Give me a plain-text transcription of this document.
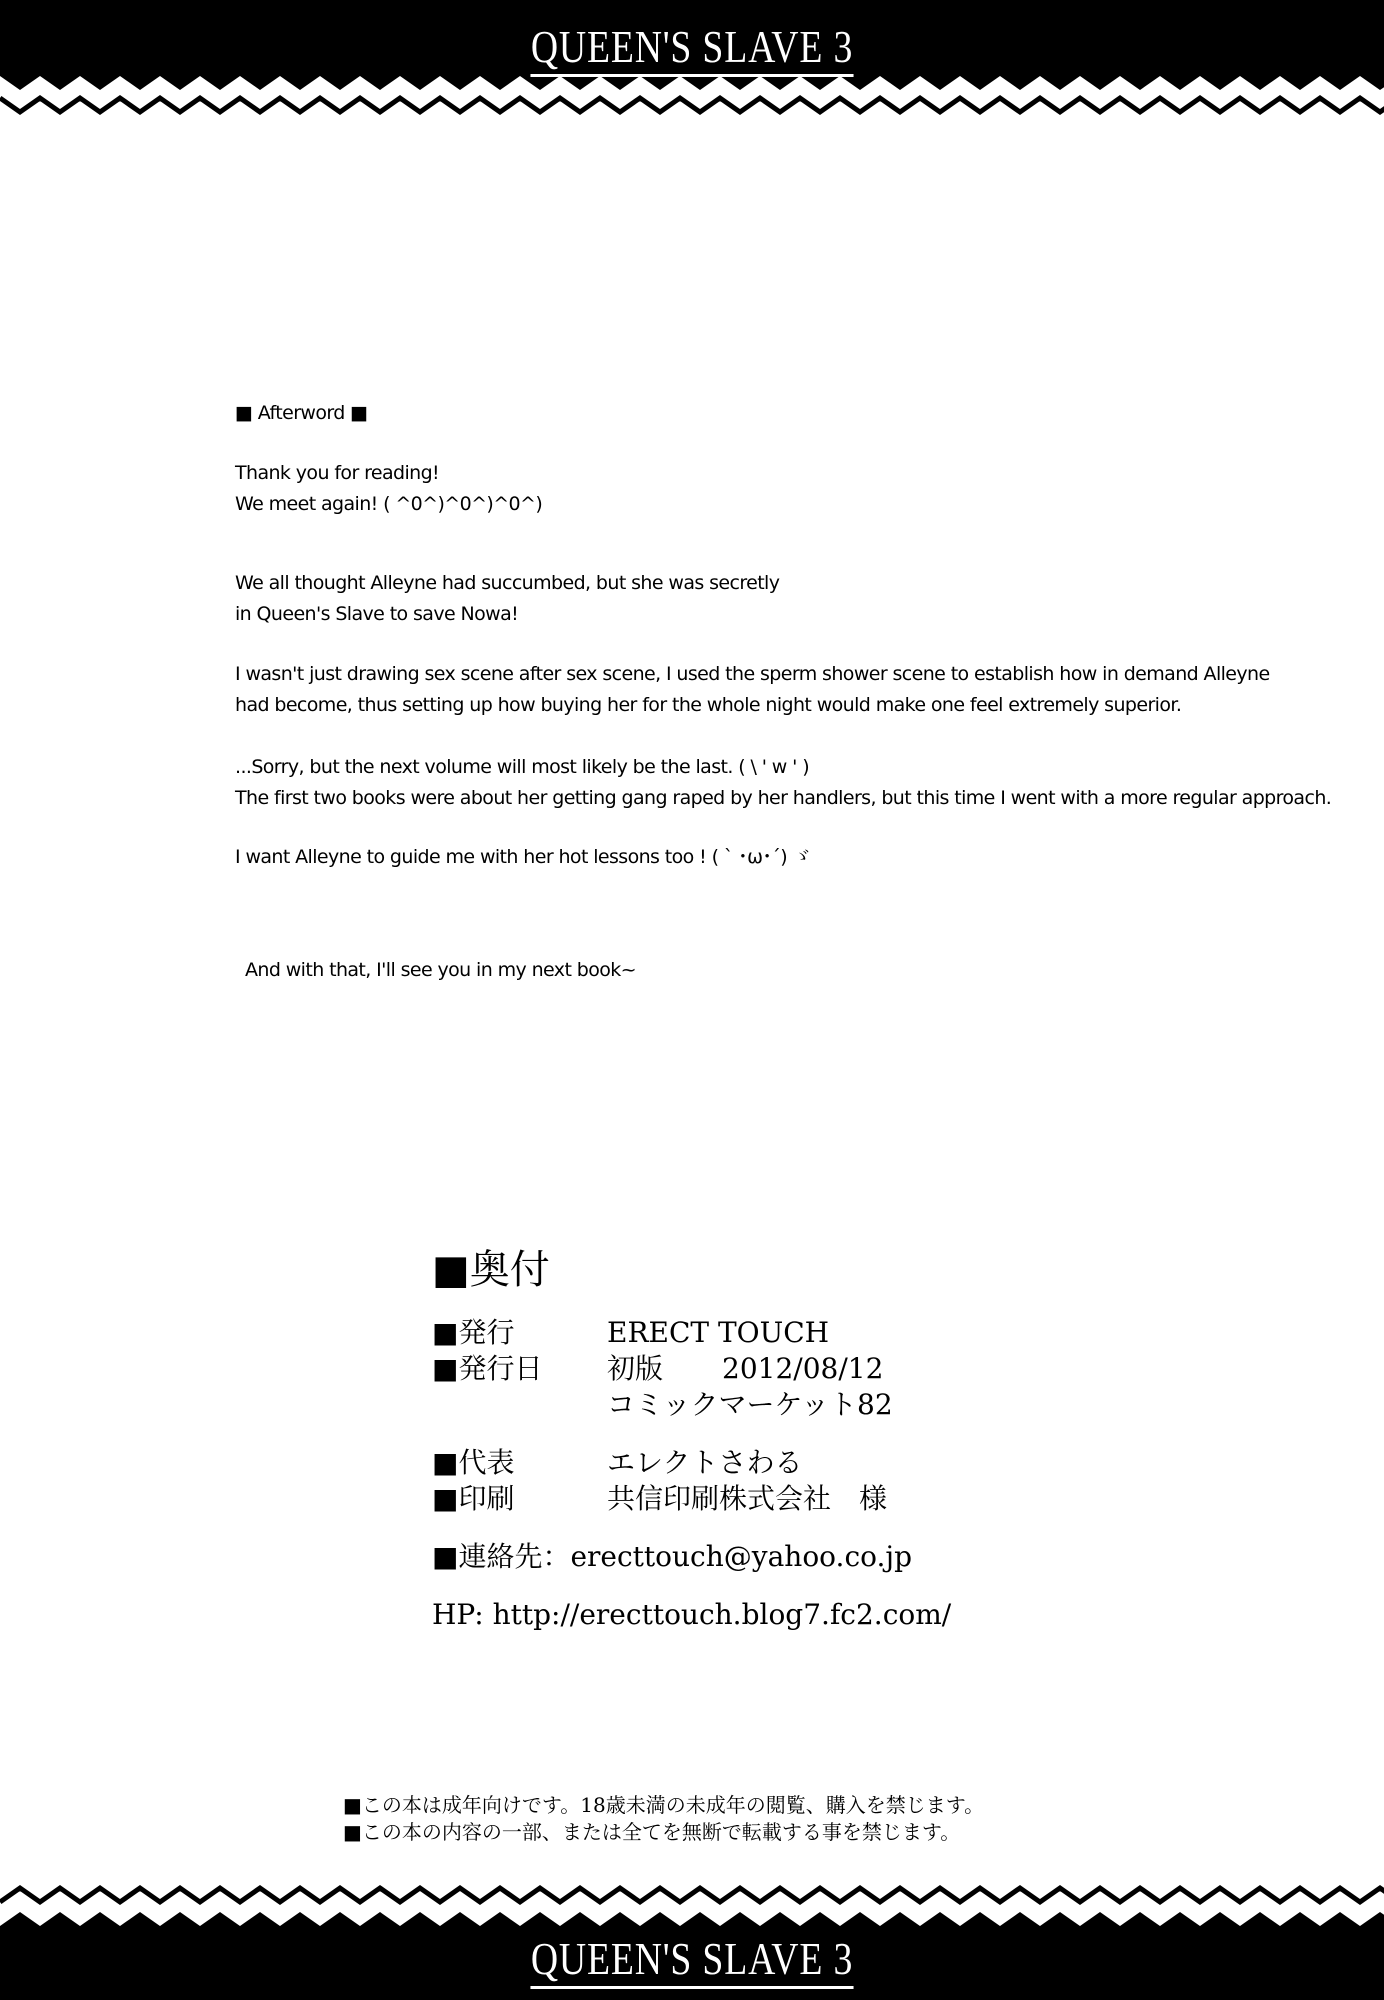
QUEEN'S SLAVE 3

■ Afterword ■

Thank you for reading!

We meet again! ( ^0^)^0^)^0^)

We all thought Alleyne had succumbed, but she was secretly

in Queen's Slave to save Nowa!

I wasn't just drawing sex scene after sex scene, I used the sperm shower scene to establish how in demand Alleyne

had become, thus setting up how buying her for the whole night would make one feel extremely superior.

...Sorry, but the next volume will most likely be the last. ( \ ' w ' )

The first two books were about her getting gang raped by her handlers, but this time I went with a more regular approach.

I want Alleyne to guide me with her hot lessons too ! ( ` ･ω･´) ゞ

And with that, I'll see you in my next book~

■奥付
■発行	ERECT TOUCH
■発行日 初版 2012/08/12
コミックマーケット82
■代表	エレクトさわる
■印刷	共信印刷株式会社　様
■連絡先：erecttouch@yahoo.co.jp
HP: http://erecttouch.blog7.fc2.com/

■この本は成年向けです。18歳未満の未成年の閲覧、購入を禁じます。

■この本の内容の一部、または全てを無断で転載する事を禁じます。

QUEEN'S SLAVE 3
